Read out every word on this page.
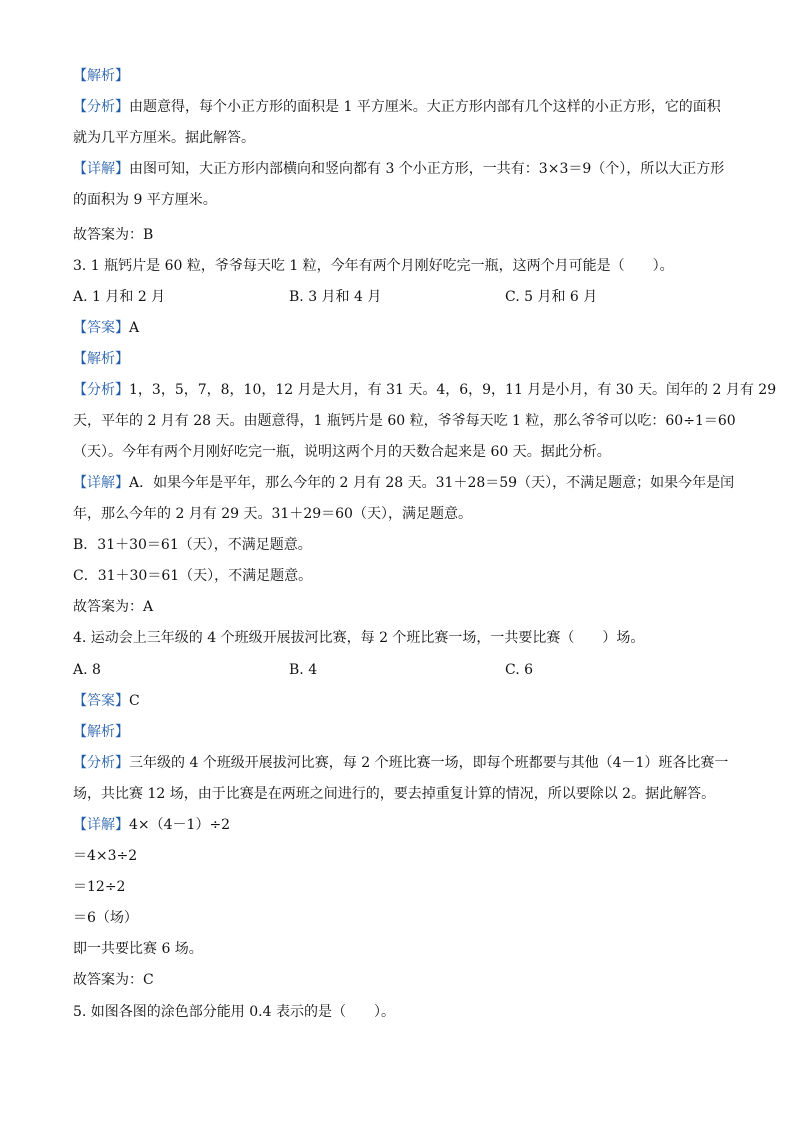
【解析】
【分析】由题意得，每个小正方形的面积是 1 平方厘米。大正方形内部有几个这样的小正方形，它的面积
就为几平方厘米。据此解答。
【详解】由图可知，大正方形内部横向和竖向都有 3 个小正方形，一共有：3×3＝9（个），所以大正方形
的面积为 9 平方厘米。
故答案为：B
3. 1 瓶钙片是 60 粒，爷爷每天吃 1 粒，今年有两个月刚好吃完一瓶，这两个月可能是（　　）。
【答案】A
【解析】
【分析】1，3，5，7，8，10，12 月是大月，有 31 天。4，6，9，11 月是小月，有 30 天。闰年的 2 月有 29
天，平年的 2 月有 28 天。由题意得，1 瓶钙片是 60 粒，爷爷每天吃 1 粒，那么爷爷可以吃：60÷1＝60
（天）。今年有两个月刚好吃完一瓶，说明这两个月的天数合起来是 60 天。据此分析。
【详解】A．如果今年是平年，那么今年的 2 月有 28 天。31＋28＝59（天），不满足题意；如果今年是闰
年，那么今年的 2 月有 29 天。31＋29＝60（天），满足题意。
B．31＋30＝61（天），不满足题意。
C．31＋30＝61（天），不满足题意。
故答案为：A
4. 运动会上三年级的 4 个班级开展拔河比赛，每 2 个班比赛一场，一共要比赛（　　）场。
【答案】C
【解析】
【分析】三年级的 4 个班级开展拔河比赛，每 2 个班比赛一场，即每个班都要与其他（4－1）班各比赛一
场，共比赛 12 场，由于比赛是在两班之间进行的，要去掉重复计算的情况，所以要除以 2。据此解答。
【详解】4×（4－1）÷2
＝4×3÷2
＝12÷2
＝6（场）
即一共要比赛 6 场。
故答案为：C
5. 如图各图的涂色部分能用 0.4 表示的是（　　）。
A. 1 月和 2 月	B. 3 月和 4 月	C. 5 月和 6 月
A. 8	B. 4	C. 6
